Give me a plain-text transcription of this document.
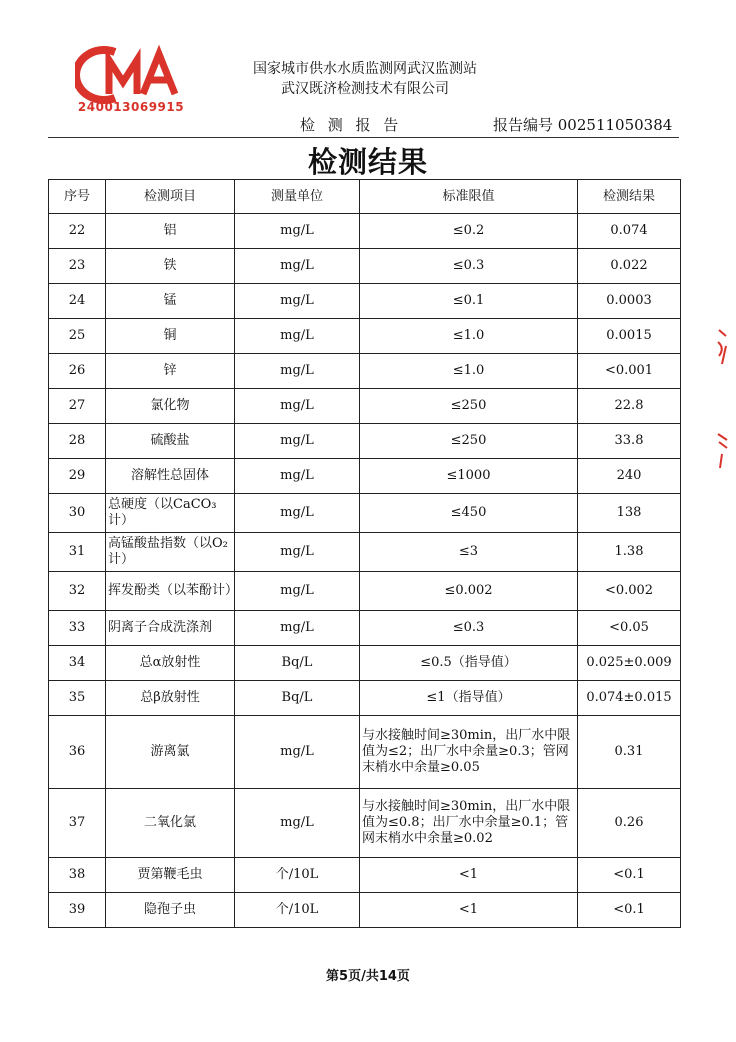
240013069915
国家城市供水水质监测网武汉监测站
武汉既济检测技术有限公司
检 测 报 告	报告编号 002511050384
检测结果
序号	检测项目	测量单位	标准限值	检测结果
22	铝	mg/L	≤0.2	0.074
23	铁	mg/L	≤0.3	0.022
24	锰	mg/L	≤0.1	0.0003
25	铜	mg/L	≤1.0	0.0015
26	锌	mg/L	≤1.0	<0.001
27	氯化物	mg/L	≤250	22.8
28	硫酸盐	mg/L	≤250	33.8
29	溶解性总固体	mg/L	≤1000	240
30	总硬度（以CaCO₃计）	mg/L	≤450	138
31	高锰酸盐指数（以O₂计）	mg/L	≤3	1.38
32	挥发酚类（以苯酚计）	mg/L	≤0.002	<0.002
33	阴离子合成洗涤剂	mg/L	≤0.3	<0.05
34	总α放射性	Bq/L	≤0.5（指导值）	0.025±0.009
35	总β放射性	Bq/L	≤1（指导值）	0.074±0.015
36	游离氯	mg/L	与水接触时间≥30min，出厂水中限值为≤2；出厂水中余量≥0.3；管网末梢水中余量≥0.05	0.31
37	二氧化氯	mg/L	与水接触时间≥30min，出厂水中限值为≤0.8；出厂水中余量≥0.1；管网末梢水中余量≥0.02	0.26
38	贾第鞭毛虫	个/10L	<1	<0.1
39	隐孢子虫	个/10L	<1	<0.1
第5页/共14页
